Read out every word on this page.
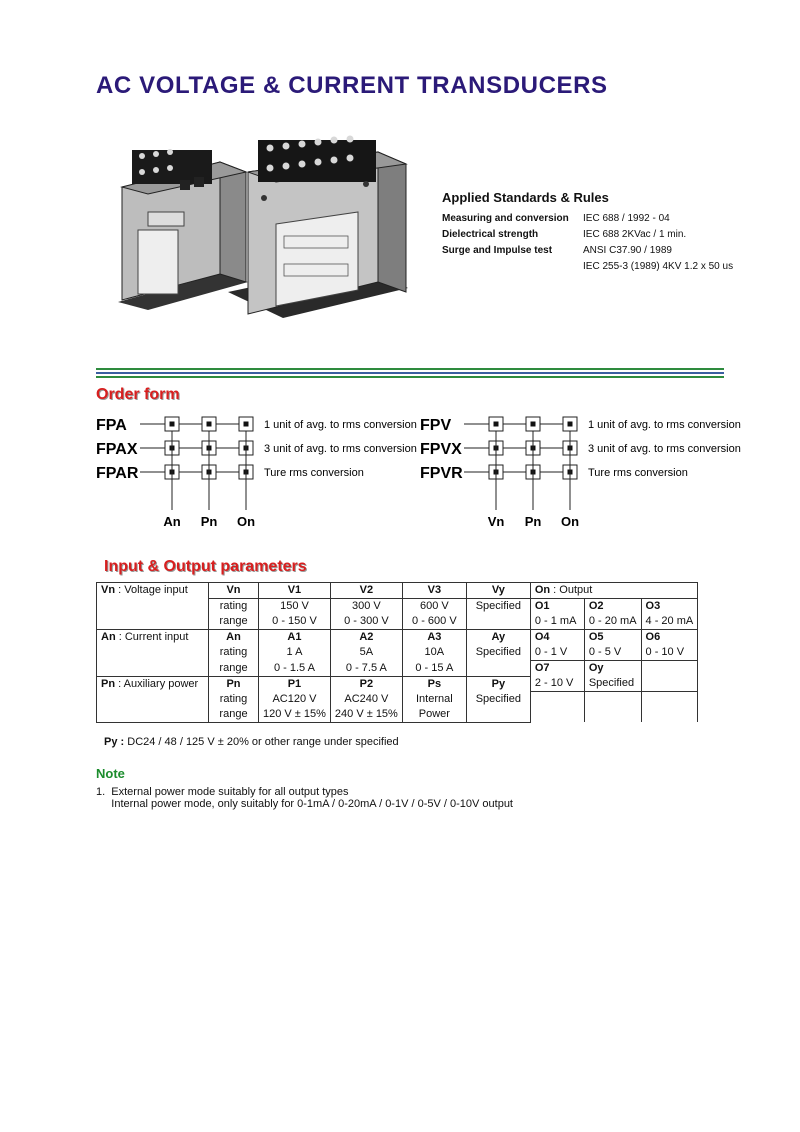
AC VOLTAGE & CURRENT TRANSDUCERS
Applied Standards & Rules
Measuring and conversion	IEC 688 / 1992 - 04
Dielectrical strength	IEC 688 2KVac / 1 min.
Surge and Impulse test	ANSI C37.90 / 1989
IEC 255-3 (1989) 4KV 1.2 x 50 us
Order form
FPA	1 unit of avg. to rms conversion
FPAX	3 unit of avg. to rms conversion
FPAR	Ture rms conversion
An Pn On
FPV	1 unit of avg. to rms conversion
FPVX	3 unit of avg. to rms conversion
FPVR	Ture rms conversion
Vn Pn On
Input & Output parameters
Vn : Voltage input	Vn	V1	V2	V3	Vy	On : Output		
	rating	150 V	300 V	600 V	Specified	O1	O2	O3
	range	0 - 150 V	0 - 300 V	0 - 600 V		0 - 1 mA	0 - 20 mA	4 - 20 mA
An : Current input	An	A1	A2	A3	Ay	O4	O5	O6
	rating	1 A	5A	10A	Specified	0 - 1 V	0 - 5 V	0 - 10 V
	range	0 - 1.5 A	0 - 7.5 A	0 - 15 A		O7	Oy	
Pn : Auxiliary power	Pn	P1	P2	Ps	Py	2 - 10 V	Specified	
	rating	AC120 V	AC240 V	Internal	Specified			
	range	120 V ± 15%	240 V ± 15%	Power				
Py : DC24 / 48 / 125 V ± 20% or other range under specified
Note
1.  External power mode suitably for all output types
Internal power mode, only suitably for 0-1mA / 0-20mA / 0-1V / 0-5V / 0-10V output
